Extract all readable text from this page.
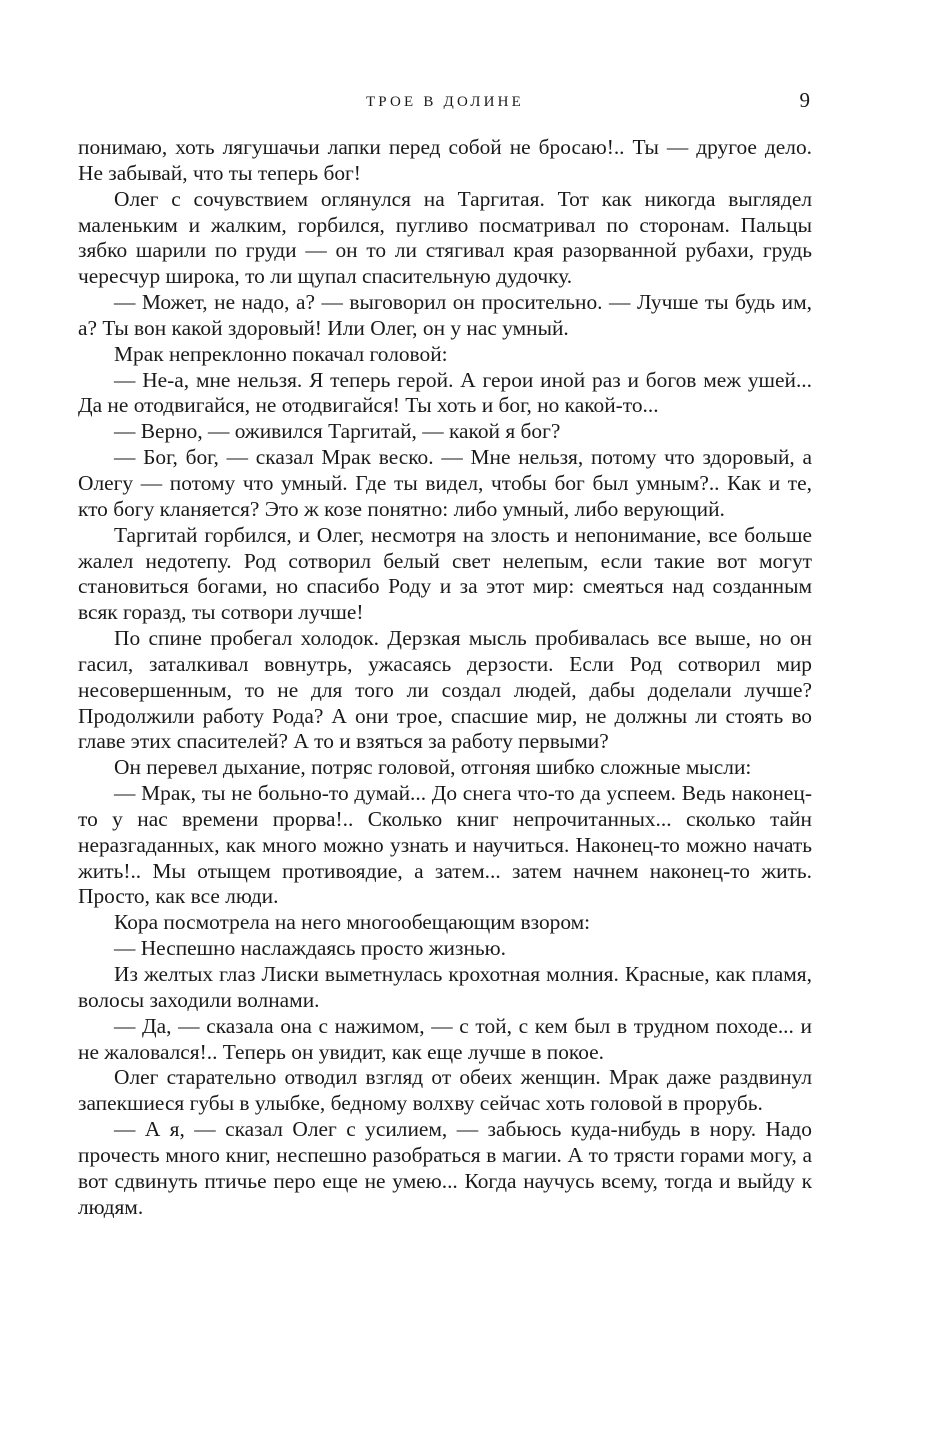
ТРОЕ В ДОЛИНЕ	9

понимаю, хоть лягушачьи лапки перед собой не бросаю!.. Ты — другое дело. Не забывай, что ты теперь бог!

Олег с сочувствием оглянулся на Таргитая. Тот как никогда выглядел маленьким и жалким, горбился, пугливо посматривал по сторонам. Пальцы зябко шарили по груди — он то ли стягивал края разорванной рубахи, грудь чересчур широка, то ли щупал спасительную дудочку.

— Может, не надо, а? — выговорил он просительно. — Лучше ты будь им, а? Ты вон какой здоровый! Или Олег, он у нас умный.

Мрак непреклонно покачал головой:

— Не-а, мне нельзя. Я теперь герой. А герои иной раз и богов меж ушей... Да не отодвигайся, не отодвигайся! Ты хоть и бог, но какой-то...

— Верно, — оживился Таргитай, — какой я бог?

— Бог, бог, — сказал Мрак веско. — Мне нельзя, потому что здоровый, а Олегу — потому что умный. Где ты видел, чтобы бог был умным?.. Как и те, кто богу кланяется? Это ж козе понятно: либо умный, либо верующий.

Таргитай горбился, и Олег, несмотря на злость и непонимание, все больше жалел недотепу. Род сотворил белый свет нелепым, если такие вот могут становиться богами, но спасибо Роду и за этот мир: смеяться над созданным всяк горазд, ты сотвори лучше!

По спине пробегал холодок. Дерзкая мысль пробивалась все выше, но он гасил, заталкивал вовнутрь, ужасаясь дерзости. Если Род сотворил мир несовершенным, то не для того ли создал людей, дабы доделали лучше? Продолжили работу Рода? А они трое, спасшие мир, не должны ли стоять во главе этих спасителей? А то и взяться за работу первыми?

Он перевел дыхание, потряс головой, отгоняя шибко сложные мысли:

— Мрак, ты не больно-то думай... До снега что-то да успеем. Ведь наконец-то у нас времени прорва!.. Сколько книг непрочитанных... сколько тайн неразгаданных, как много можно узнать и научиться. Наконец-то можно начать жить!.. Мы отыщем противоядие, а затем... затем начнем наконец-то жить. Просто, как все люди.

Кора посмотрела на него многообещающим взором:

— Неспешно наслаждаясь просто жизнью.

Из желтых глаз Лиски выметнулась крохотная молния. Красные, как пламя, волосы заходили волнами.

— Да, — сказала она с нажимом, — с той, с кем был в трудном походе... и не жаловался!.. Теперь он увидит, как еще лучше в покое.

Олег старательно отводил взгляд от обеих женщин. Мрак даже раздвинул запекшиеся губы в улыбке, бедному волхву сейчас хоть головой в прорубь.

— А я, — сказал Олег с усилием, — забьюсь куда-нибудь в нору. Надо прочесть много книг, неспешно разобраться в магии. А то трясти горами могу, а вот сдвинуть птичье перо еще не умею... Когда научусь всему, тогда и выйду к людям.
